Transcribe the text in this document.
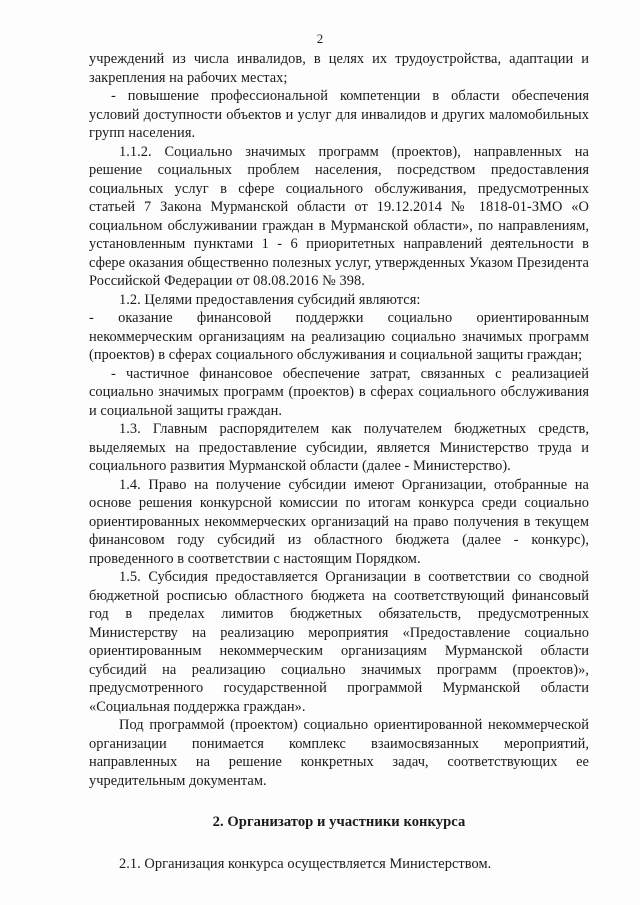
2

учреждений из числа инвалидов, в целях их трудоустройства, адаптации и закрепления на рабочих местах;

- повышение профессиональной компетенции в области обеспечения условий доступности объектов и услуг для инвалидов и других маломобильных групп населения.

1.1.2. Социально значимых программ (проектов), направленных на решение социальных проблем населения, посредством предоставления социальных услуг в сфере социального обслуживания, предусмотренных статьей 7 Закона Мурманской области от 19.12.2014 № 1818-01-ЗМО «О социальном обслуживании граждан в Мурманской области», по направлениям, установленным пунктами 1 - 6 приоритетных направлений деятельности в сфере оказания общественно полезных услуг, утвержденных Указом Президента Российской Федерации от 08.08.2016 № 398.

1.2. Целями предоставления субсидий являются:

- оказание финансовой поддержки социально ориентированным некоммерческим организациям на реализацию социально значимых программ (проектов) в сферах социального обслуживания и социальной защиты граждан;

- частичное финансовое обеспечение затрат, связанных с реализацией социально значимых программ (проектов) в сферах социального обслуживания и социальной защиты граждан.

1.3. Главным распорядителем как получателем бюджетных средств, выделяемых на предоставление субсидии, является Министерство труда и социального развития Мурманской области (далее - Министерство).

1.4. Право на получение субсидии имеют Организации, отобранные на основе решения конкурсной комиссии по итогам конкурса среди социально ориентированных некоммерческих организаций на право получения в текущем финансовом году субсидий из областного бюджета (далее - конкурс), проведенного в соответствии с настоящим Порядком.

1.5. Субсидия предоставляется Организации в соответствии со сводной бюджетной росписью областного бюджета на соответствующий финансовый год в пределах лимитов бюджетных обязательств, предусмотренных Министерству на реализацию мероприятия «Предоставление социально ориентированным некоммерческим организациям Мурманской области субсидий на реализацию социально значимых программ (проектов)», предусмотренного государственной программой Мурманской области «Социальная поддержка граждан».

Под программой (проектом) социально ориентированной некоммерческой организации понимается комплекс взаимосвязанных мероприятий, направленных на решение конкретных задач, соответствующих ее учредительным документам.

2. Организатор и участники конкурса

2.1. Организация конкурса осуществляется Министерством.
